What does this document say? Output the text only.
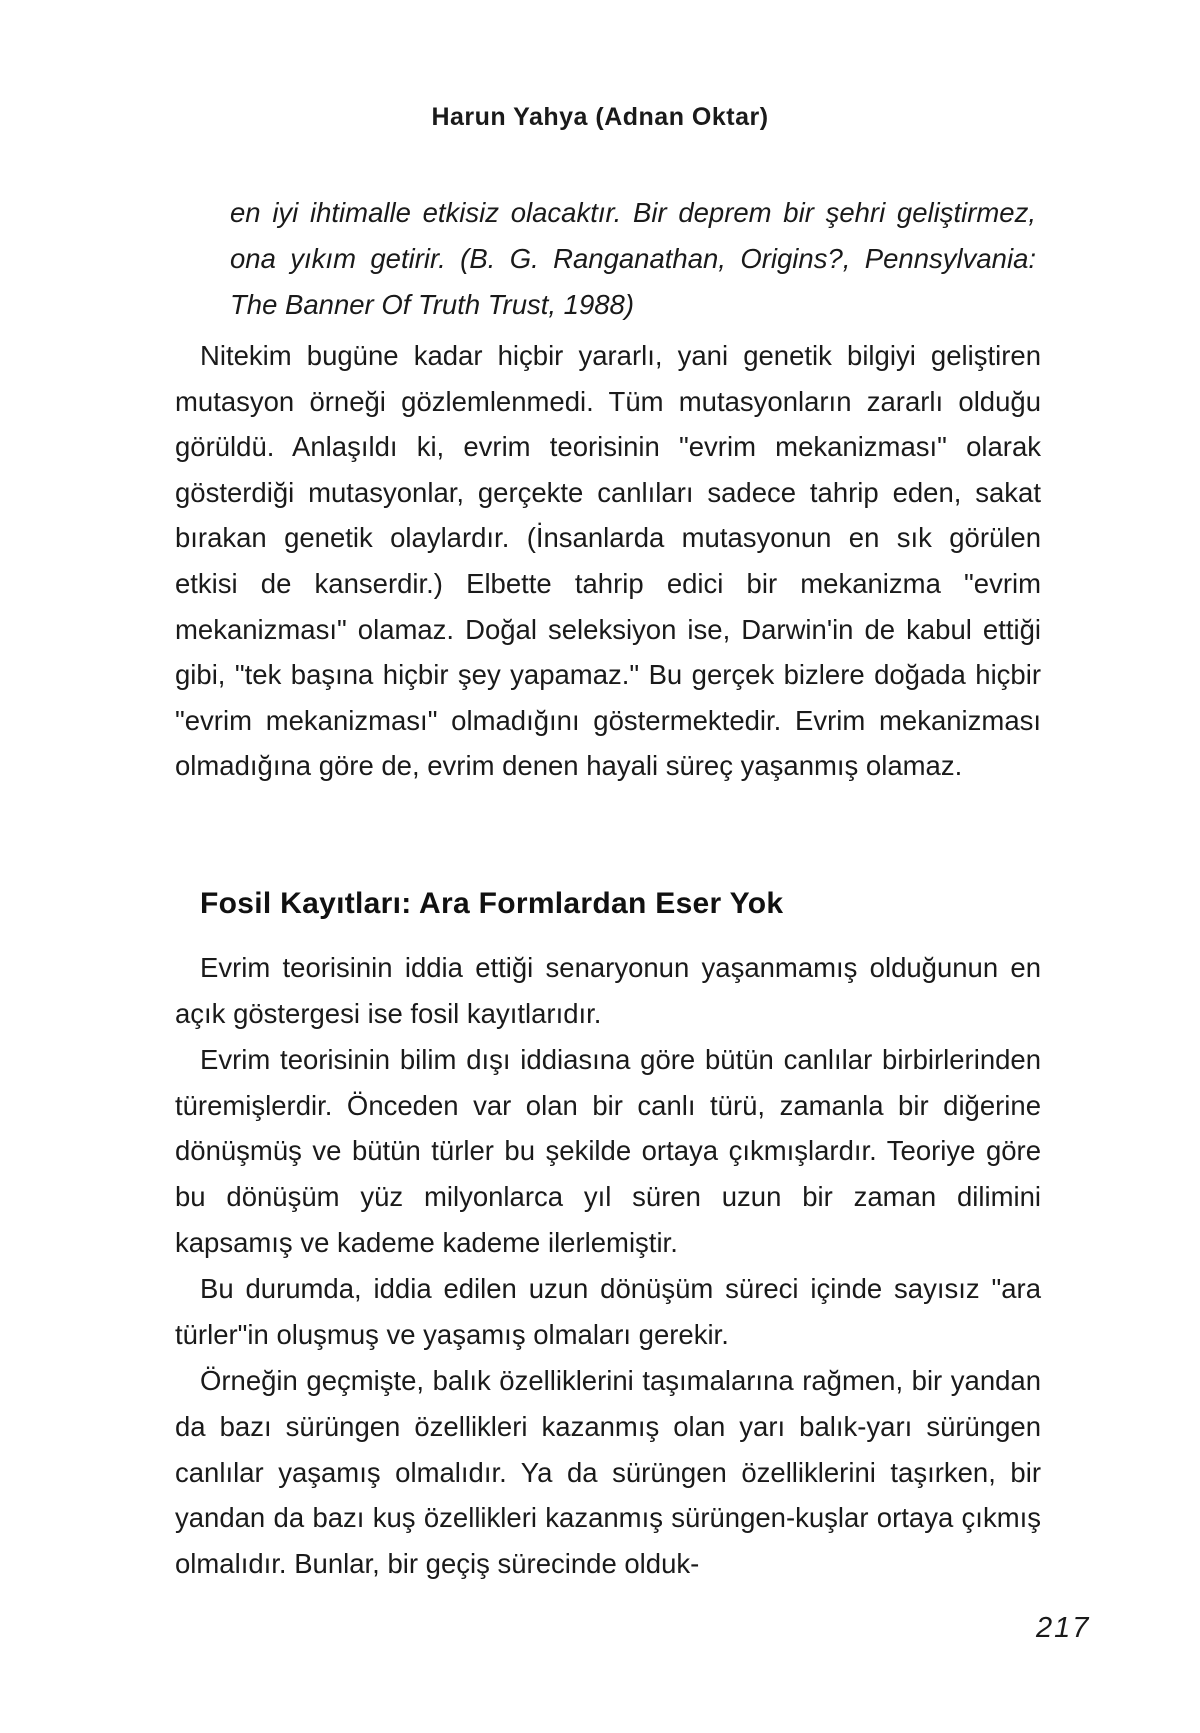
Harun Yahya (Adnan Oktar)

en iyi ihtimalle etkisiz olacaktır. Bir deprem bir şehri geliştirmez, ona yıkım getirir. (B. G. Ranganathan, Origins?, Pennsylvania: The Banner Of Truth Trust, 1988)

Nitekim bugüne kadar hiçbir yararlı, yani genetik bilgiyi geliştiren mutasyon örneği gözlemlenmedi. Tüm mutasyonların zararlı olduğu görüldü. Anlaşıldı ki, evrim teorisinin "evrim mekanizması" olarak gösterdiği mutasyonlar, gerçekte canlıları sadece tahrip eden, sakat bırakan genetik olaylardır. (İnsanlarda mutasyonun en sık görülen etkisi de kanserdir.) Elbette tahrip edici bir mekanizma "evrim mekanizması" olamaz. Doğal seleksiyon ise, Darwin'in de kabul ettiği gibi, "tek başına hiçbir şey yapamaz." Bu gerçek bizlere doğada hiçbir "evrim mekanizması" olmadığını göstermektedir. Evrim mekanizması olmadığına göre de, evrim denen hayali süreç yaşanmış olamaz.

Fosil Kayıtları: Ara Formlardan Eser Yok

Evrim teorisinin iddia ettiği senaryonun yaşanmamış olduğunun en açık göstergesi ise fosil kayıtlarıdır.

Evrim teorisinin bilim dışı iddiasına göre bütün canlılar birbirlerinden türemişlerdir. Önceden var olan bir canlı türü, zamanla bir diğerine dönüşmüş ve bütün türler bu şekilde ortaya çıkmışlardır. Teoriye göre bu dönüşüm yüz milyonlarca yıl süren uzun bir zaman dilimini kapsamış ve kademe kademe ilerlemiştir.

Bu durumda, iddia edilen uzun dönüşüm süreci içinde sayısız "ara türler"in oluşmuş ve yaşamış olmaları gerekir.

Örneğin geçmişte, balık özelliklerini taşımalarına rağmen, bir yandan da bazı sürüngen özellikleri kazanmış olan yarı balık-yarı sürüngen canlılar yaşamış olmalıdır. Ya da sürüngen özelliklerini taşırken, bir yandan da bazı kuş özellikleri kazanmış sürüngen-kuşlar ortaya çıkmış olmalıdır. Bunlar, bir geçiş sürecinde olduk-

217
